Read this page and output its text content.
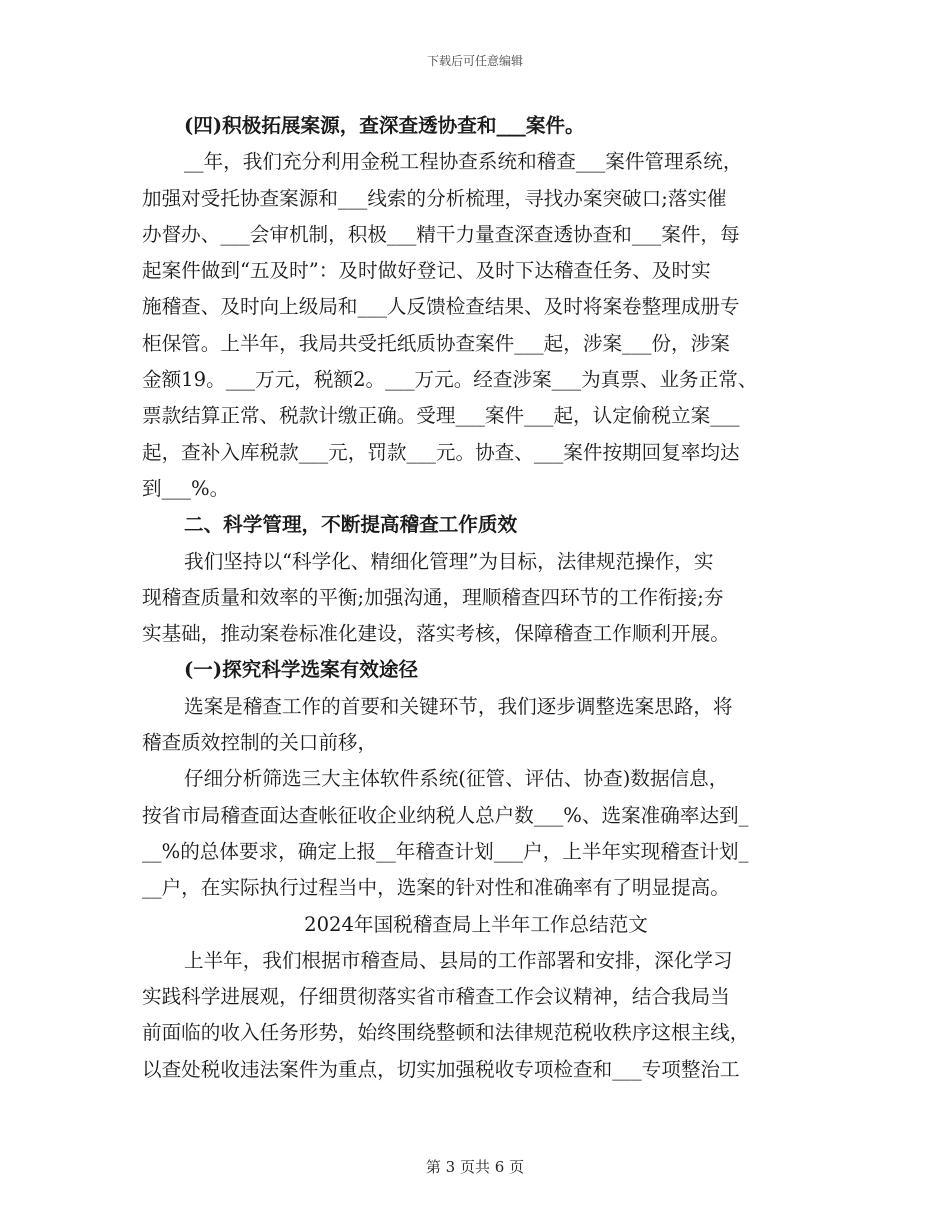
下载后可任意编辑
(四)积极拓展案源，查深查透协查和___案件。
__年，我们充分利用金税工程协查系统和稽查___案件管理系统，
加强对受托协查案源和___线索的分析梳理，寻找办案突破口;落实催
办督办、___会审机制，积极___精干力量查深查透协查和___案件，每
起案件做到“五及时”：及时做好登记、及时下达稽查任务、及时实
施稽查、及时向上级局和___人反馈检查结果、及时将案卷整理成册专
柜保管。上半年，我局共受托纸质协查案件___起，涉案___份，涉案
金额19。___万元，税额2。___万元。经查涉案___为真票、业务正常、
票款结算正常、税款计缴正确。受理___案件___起，认定偷税立案___
起，查补入库税款___元，罚款___元。协查、___案件按期回复率均达
到___%。
二、科学管理，不断提高稽查工作质效
我们坚持以“科学化、精细化管理”为目标，法律规范操作，实
现稽查质量和效率的平衡;加强沟通，理顺稽查四环节的工作衔接;夯
实基础，推动案卷标准化建设，落实考核，保障稽查工作顺利开展。
(一)探究科学选案有效途径
选案是稽查工作的首要和关键环节，我们逐步调整选案思路，将
稽查质效控制的关口前移，
仔细分析筛选三大主体软件系统(征管、评估、协查)数据信息，
按省市局稽查面达查帐征收企业纳税人总户数___%、选案准确率达到_
__%的总体要求，确定上报__年稽查计划___户，上半年实现稽查计划_
__户，在实际执行过程当中，选案的针对性和准确率有了明显提高。
2024年国税稽查局上半年工作总结范文
上半年，我们根据市稽查局、县局的工作部署和安排，深化学习
实践科学进展观，仔细贯彻落实省市稽查工作会议精神，结合我局当
前面临的收入任务形势，始终围绕整顿和法律规范税收秩序这根主线，
以查处税收违法案件为重点，切实加强税收专项检查和___专项整治工
第 3 页共 6 页
